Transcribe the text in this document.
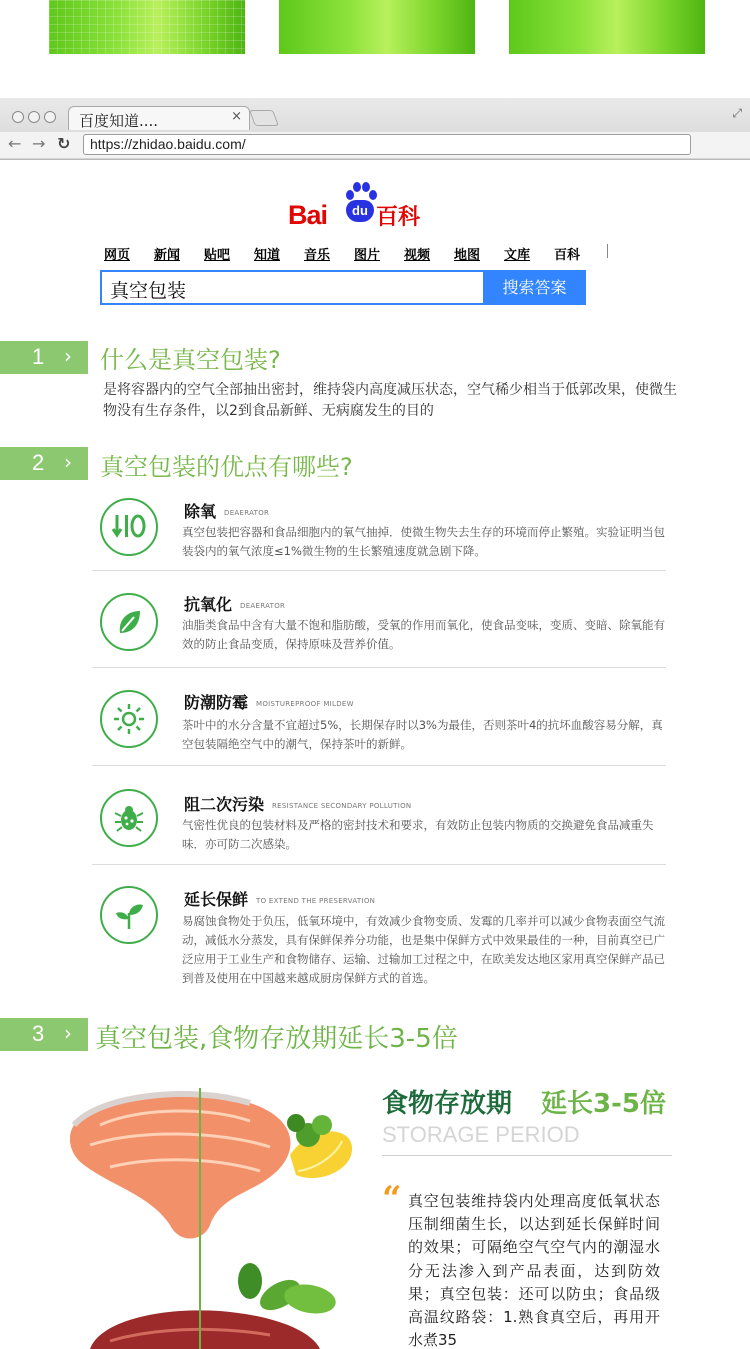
百度知道....	×	⤢
← → ↻	https://zhidao.baidu.com/
Bai	du 百科
网页 新闻 贴吧 知道 音乐 图片 视频 地图 文库 百科
真空包装	搜索答案
1 › 什么是真空包装?
是将容器内的空气全部抽出密封，维持袋内高度减压状态，空气稀少相当于低郭改果，使微生物没有生存条件，以2到食品新鲜、无病腐发生的目的
2 › 真空包装的优点有哪些?
除氧 DEAERATOR
真空包装把容器和食品细胞内的氧气抽掉．使微生物失去生存的环境而停止繁殖。实验证明当包装袋内的氧气浓度≤1%微生物的生长繁殖速度就急剧下降。
抗氧化 DEAERATOR
油脂类食品中含有大量不饱和脂肪酸，受氧的作用而氧化，使食品变味，变质、变暗、除氧能有效的防止食品变质，保持原味及营养价值。
防潮防霉 MOISTUREPROOF MILDEW
茶叶中的水分含量不宜超过5%，长期保存时以3%为最佳，否则茶叶4的抗坏血酸容易分解，真空包装隔绝空气中的潮气，保持茶叶的新鲜。
阻二次污染 RESISTANCE SECONDARY POLLUTION
气密性优良的包装材料及严格的密封技术和要求，有效防止包装内物质的交换避免食品减重失味．亦可防二次感染。
延长保鲜 TO EXTEND THE PRESERVATION
易腐蚀食物处于负压，低氧环境中，有效减少食物变质、发霉的几率并可以减少食物表面空气流动，减低水分蒸发，具有保鲜保养分功能，也是集中保鲜方式中效果最佳的一种，目前真空已广泛应用于工业生产和食物储存、运输、过输加工过程之中，在欧美发达地区家用真空保鲜产品已到普及使用在中国越来越成厨房保鲜方式的首选。
3 › 真空包装,食物存放期延长3-5倍
食物存放期 延长3-5倍
STORAGE PERIOD
“ 真空包装维持袋内处理高度低氧状态压制细菌生长，以达到延长保鲜时间的效果；可隔绝空气空气内的潮湿水分无法渗入到产品表面，达到防效果；真空包装：还可以防虫；食品级高温纹路袋：1.熟食真空后，再用开水煮35
